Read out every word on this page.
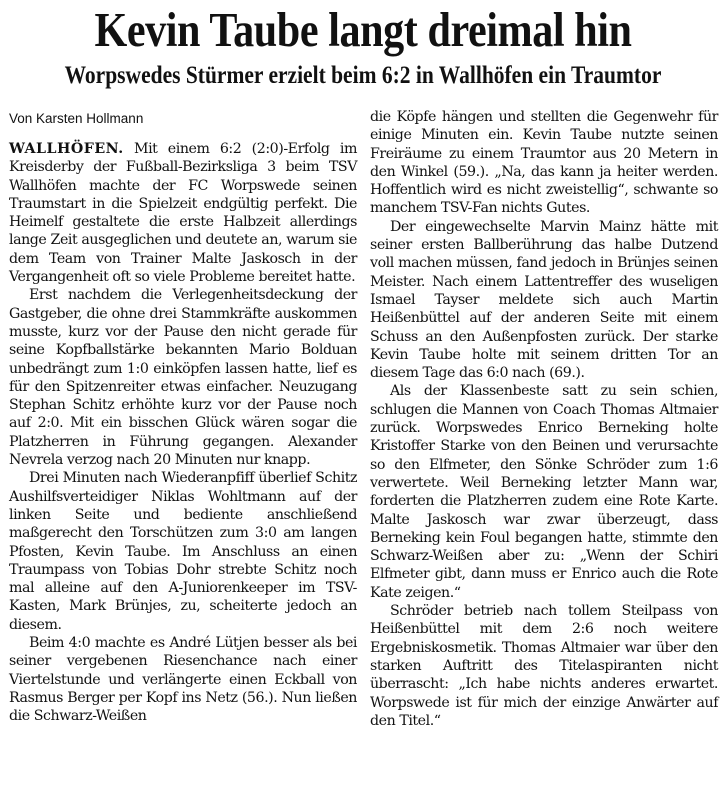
Kevin Taube langt dreimal hin
Worpswedes Stürmer erzielt beim 6:2 in Wallhöfen ein Traumtor
Von Karsten Hollmann

WALLHÖFEN. Mit einem 6:2 (2:0)-Erfolg im Kreisderby der Fußball-Bezirksliga 3 beim TSV Wallhöfen machte der FC Worpswede seinen Traumstart in die Spielzeit endgültig perfekt. Die Heimelf gestaltete die erste Halbzeit allerdings lange Zeit ausgeglichen und deutete an, warum sie dem Team von Trainer Malte Jaskosch in der Vergangenheit oft so viele Probleme bereitet hatte.

Erst nachdem die Verlegenheitsdeckung der Gastgeber, die ohne drei Stammkräfte auskommen musste, kurz vor der Pause den nicht gerade für seine Kopfballstärke bekannten Mario Bolduan unbedrängt zum 1:0 einköpfen lassen hatte, lief es für den Spitzenreiter etwas einfacher. Neuzugang Stephan Schitz erhöhte kurz vor der Pause noch auf 2:0. Mit ein bisschen Glück wären sogar die Platzherren in Führung gegangen. Alexander Nevrela verzog nach 20 Minuten nur knapp.

Drei Minuten nach Wiederanpfiff überlief Schitz Aushilfsverteidiger Niklas Wohltmann auf der linken Seite und bediente anschließend maßgerecht den Torschützen zum 3:0 am langen Pfosten, Kevin Taube. Im Anschluss an einen Traumpass von Tobias Dohr strebte Schitz noch mal alleine auf den A-Juniorenkeeper im TSV-Kasten, Mark Brünjes, zu, scheiterte jedoch an diesem.

Beim 4:0 machte es André Lütjen besser als bei seiner vergebenen Riesenchance nach einer Viertelstunde und verlängerte einen Eckball von Rasmus Berger per Kopf ins Netz (56.). Nun ließen die Schwarz-Weißen

die Köpfe hängen und stellten die Gegenwehr für einige Minuten ein. Kevin Taube nutzte seinen Freiräume zu einem Traumtor aus 20 Metern in den Winkel (59.). „Na, das kann ja heiter werden. Hoffentlich wird es nicht zweistellig“, schwante so manchem TSV-Fan nichts Gutes.

Der eingewechselte Marvin Mainz hätte mit seiner ersten Ballberührung das halbe Dutzend voll machen müssen, fand jedoch in Brünjes seinen Meister. Nach einem Lattentreffer des wuseligen Ismael Tayser meldete sich auch Martin Heißenbüttel auf der anderen Seite mit einem Schuss an den Außenpfosten zurück. Der starke Kevin Taube holte mit seinem dritten Tor an diesem Tage das 6:0 nach (69.).

Als der Klassenbeste satt zu sein schien, schlugen die Mannen von Coach Thomas Altmaier zurück. Worpswedes Enrico Berneking holte Kristoffer Starke von den Beinen und verursachte so den Elfmeter, den Sönke Schröder zum 1:6 verwertete. Weil Berneking letzter Mann war, forderten die Platzherren zudem eine Rote Karte. Malte Jaskosch war zwar überzeugt, dass Berneking kein Foul begangen hatte, stimmte den Schwarz-Weißen aber zu: „Wenn der Schiri Elfmeter gibt, dann muss er Enrico auch die Rote Kate zeigen.“

Schröder betrieb nach tollem Steilpass von Heißenbüttel mit dem 2:6 noch weitere Ergebniskosmetik. Thomas Altmaier war über den starken Auftritt des Titelaspiranten nicht überrascht: „Ich habe nichts anderes erwartet. Worpswede ist für mich der einzige Anwärter auf den Titel.“
